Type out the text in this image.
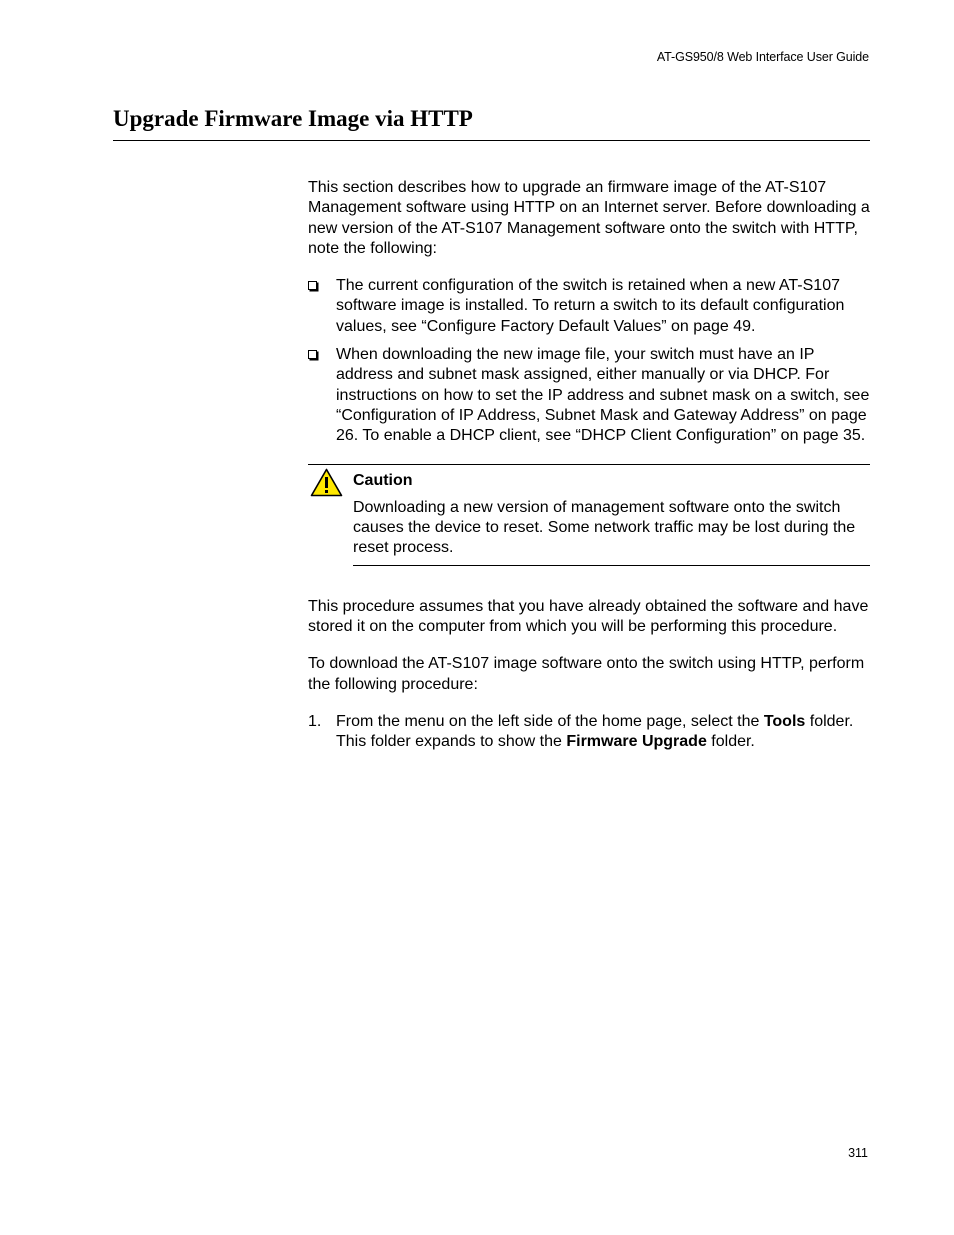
AT-GS950/8 Web Interface User Guide
Upgrade Firmware Image via HTTP

This section describes how to upgrade an firmware image of the AT-S107 Management software using HTTP on an Internet server. Before downloading a new version of the AT-S107 Management software onto the switch with HTTP, note the following:

The current configuration of the switch is retained when a new AT-S107 software image is installed. To return a switch to its default configuration values, see “Configure Factory Default Values” on page 49.
When downloading the new image file, your switch must have an IP address and subnet mask assigned, either manually or via DHCP. For instructions on how to set the IP address and subnet mask on a switch, see “Configuration of IP Address, Subnet Mask and Gateway Address” on page 26. To enable a DHCP client, see “DHCP Client Configuration” on page 35.
Caution
Downloading a new version of management software onto the switch causes the device to reset. Some network traffic may be lost during the reset process.

This procedure assumes that you have already obtained the software and have stored it on the computer from which you will be performing this procedure.

To download the AT-S107 image software onto the switch using HTTP, perform the following procedure:

1. From the menu on the left side of the home page, select the Tools folder.
This folder expands to show the Firmware Upgrade folder.
311
